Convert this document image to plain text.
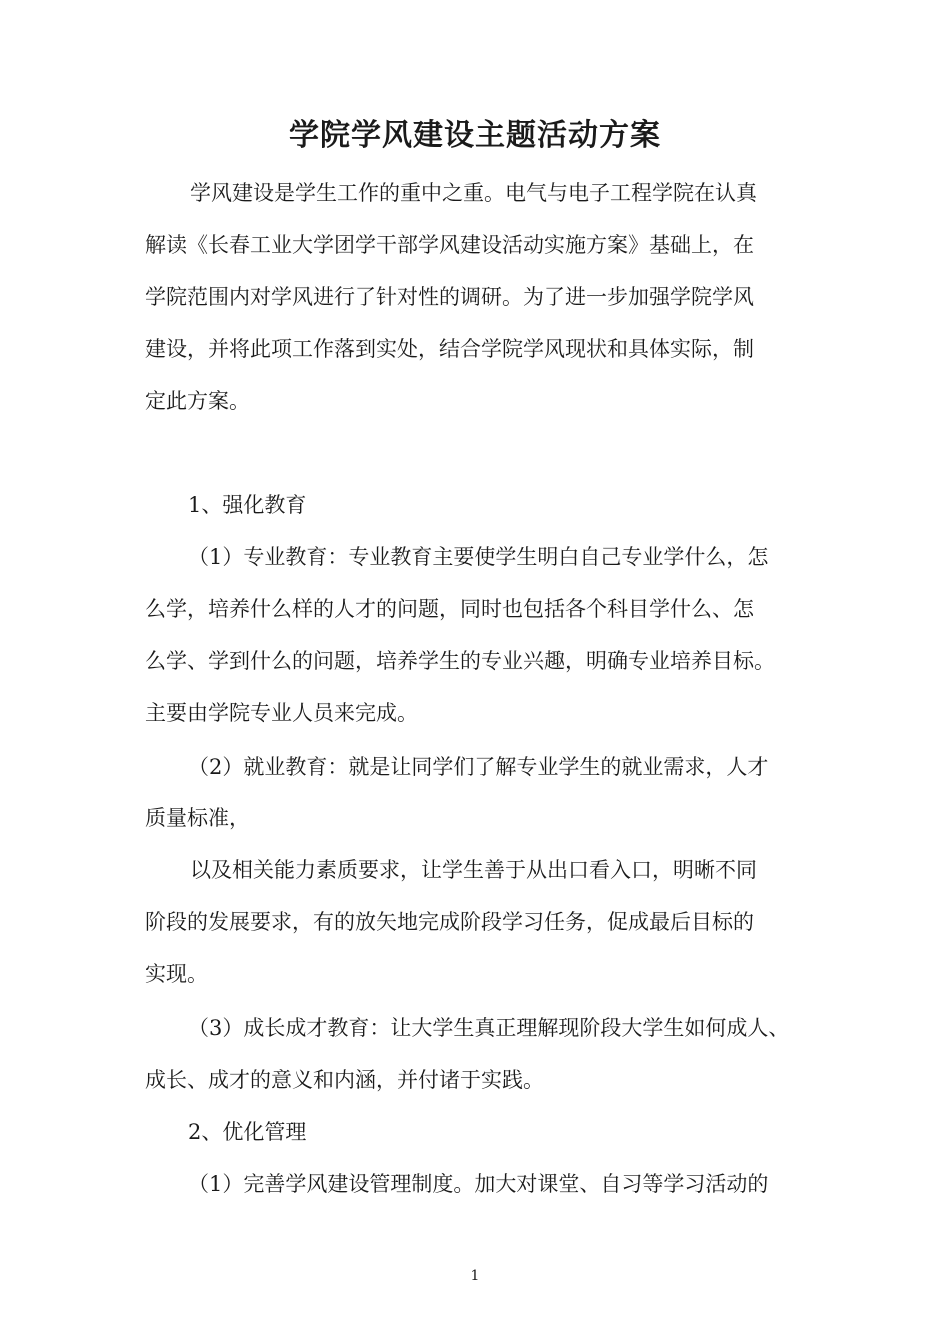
学院学风建设主题活动方案
学风建设是学生工作的重中之重。电气与电子工程学院在认真
解读《长春工业大学团学干部学风建设活动实施方案》基础上，在
学院范围内对学风进行了针对性的调研。为了进一步加强学院学风
建设，并将此项工作落到实处，结合学院学风现状和具体实际，制
定此方案。
1、强化教育
（1）专业教育：专业教育主要使学生明白自己专业学什么，怎
么学，培养什么样的人才的问题，同时也包括各个科目学什么、怎
么学、学到什么的问题，培养学生的专业兴趣，明确专业培养目标。
主要由学院专业人员来完成。
（2）就业教育：就是让同学们了解专业学生的就业需求，人才
质量标准，
以及相关能力素质要求，让学生善于从出口看入口，明晰不同
阶段的发展要求，有的放矢地完成阶段学习任务，促成最后目标的
实现。
（3）成长成才教育：让大学生真正理解现阶段大学生如何成人、
成长、成才的意义和内涵，并付诸于实践。
2、优化管理
（1）完善学风建设管理制度。加大对课堂、自习等学习活动的
1
